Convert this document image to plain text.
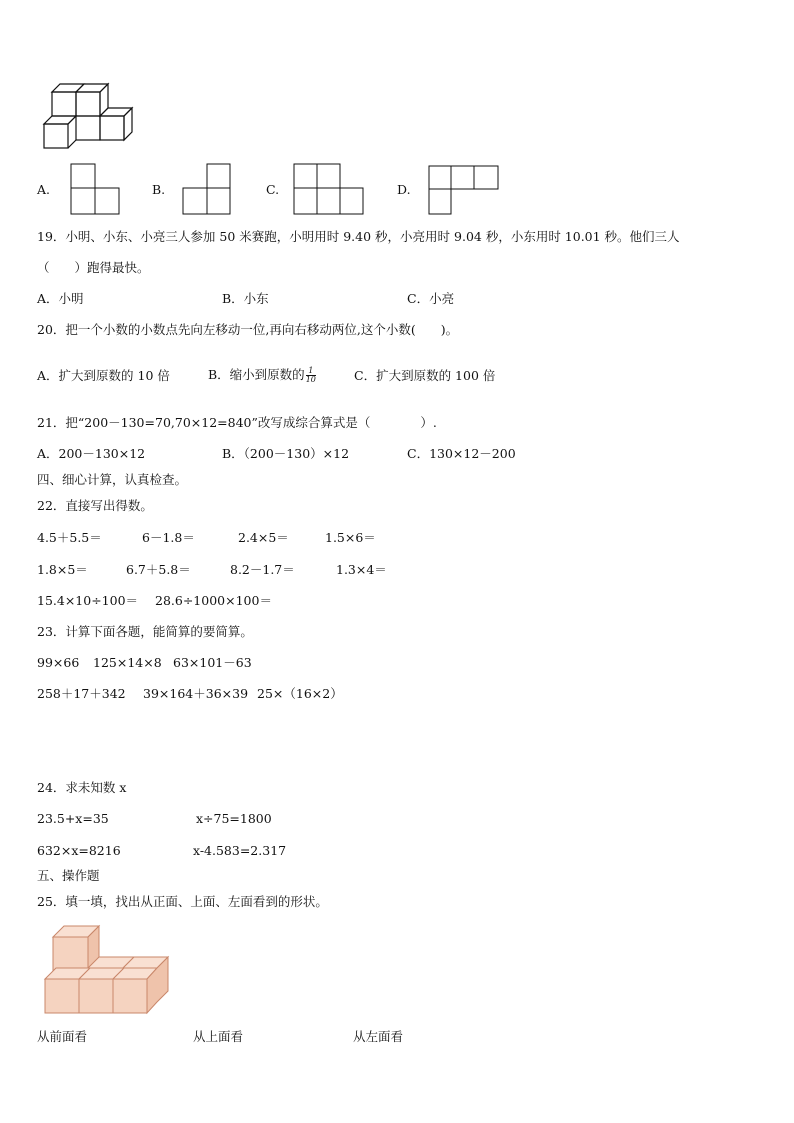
A.	B.	C.	D.
19．小明、小东、小亮三人参加 50 米赛跑，小明用时 9.40 秒，小亮用时 9.04 秒，小东用时 10.01 秒。他们三人
（　　）跑得最快。
A．小明	B．小东	C．小亮
20．把一个小数的小数点先向左移动一位,再向右移动两位,这个小数(　　)。
A．扩大到原数的 10 倍	B．缩小到原数的 $\frac{1}{10}$	C．扩大到原数的 100 倍
21．把“200－130=70,70×12=840”改写成综合算式是（　　　　）.
A．200－130×12	B．（200－130）×12	C．130×12－200
四、细心计算，认真检查。
22．直接写出得数。
4.5＋5.5＝	6－1.8＝	2.4×5＝	1.5×6＝
1.8×5＝	6.7＋5.8＝	8.2－1.7＝	1.3×4＝
15.4×10÷100＝ 28.6÷1000×100＝
23．计算下面各题，能简算的要简算。
99×66 125×14×8 63×101－63
258＋17＋342 39×164＋36×39 25×（16×2）
24．求未知数 x
23.5+x=35	x÷75=1800
632×x=8216	x-4.583=2.317
五、操作题
25．填一填，找出从正面、上面、左面看到的形状。
从前面看	从上面看	从左面看
